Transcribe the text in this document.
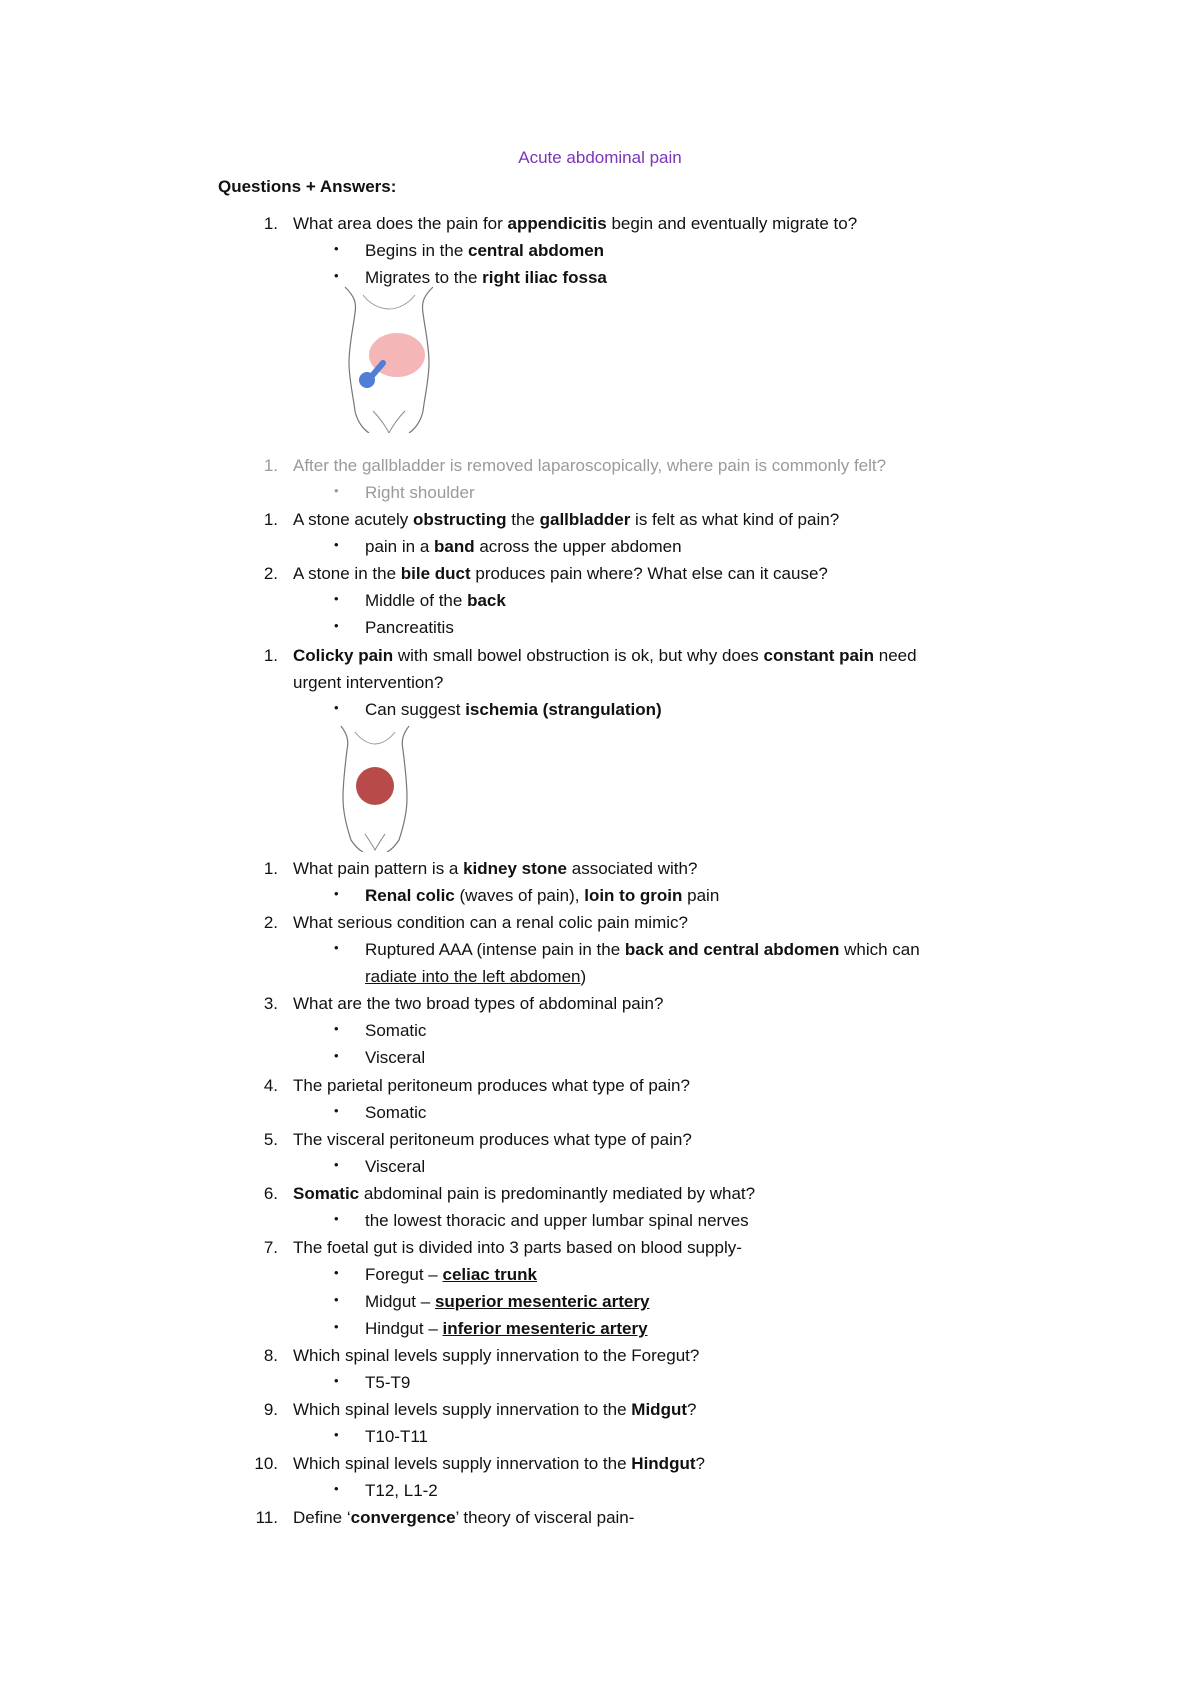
Acute abdominal pain
Questions + Answers:
What area does the pain for appendicitis begin and eventually migrate to?
1.
Begins in the central abdomen
•
Migrates to the right iliac fossa
•
After the gallbladder is removed laparoscopically, where pain is commonly felt?
1.
Right shoulder
•
A stone acutely obstructing the gallbladder is felt as what kind of pain?
1.
pain in a band across the upper abdomen
•
A stone in the bile duct produces pain where? What else can it cause?
2.
Middle of the back
•
Pancreatitis
•
Colicky pain with small bowel obstruction is ok, but why does constant pain need
1.
urgent intervention?
Can suggest ischemia (strangulation)
•
What pain pattern is a kidney stone associated with?
1.
Renal colic (waves of pain), loin to groin pain
•
What serious condition can a renal colic pain mimic?
2.
Ruptured AAA (intense pain in the back and central abdomen which can
•
radiate into the left abdomen)
What are the two broad types of abdominal pain?
3.
Somatic
•
Visceral
•
The parietal peritoneum produces what type of pain?
4.
Somatic
•
The visceral peritoneum produces what type of pain?
5.
Visceral
•
Somatic abdominal pain is predominantly mediated by what?
6.
the lowest thoracic and upper lumbar spinal nerves
•
The foetal gut is divided into 3 parts based on blood supply-
7.
Foregut – celiac trunk
•
Midgut – superior mesenteric artery
•
Hindgut – inferior mesenteric artery
•
Which spinal levels supply innervation to the Foregut?
8.
T5-T9
•
Which spinal levels supply innervation to the Midgut?
9.
T10-T11
•
Which spinal levels supply innervation to the Hindgut?
10.
T12, L1-2
•
Define ‘convergence’ theory of visceral pain-
11.
